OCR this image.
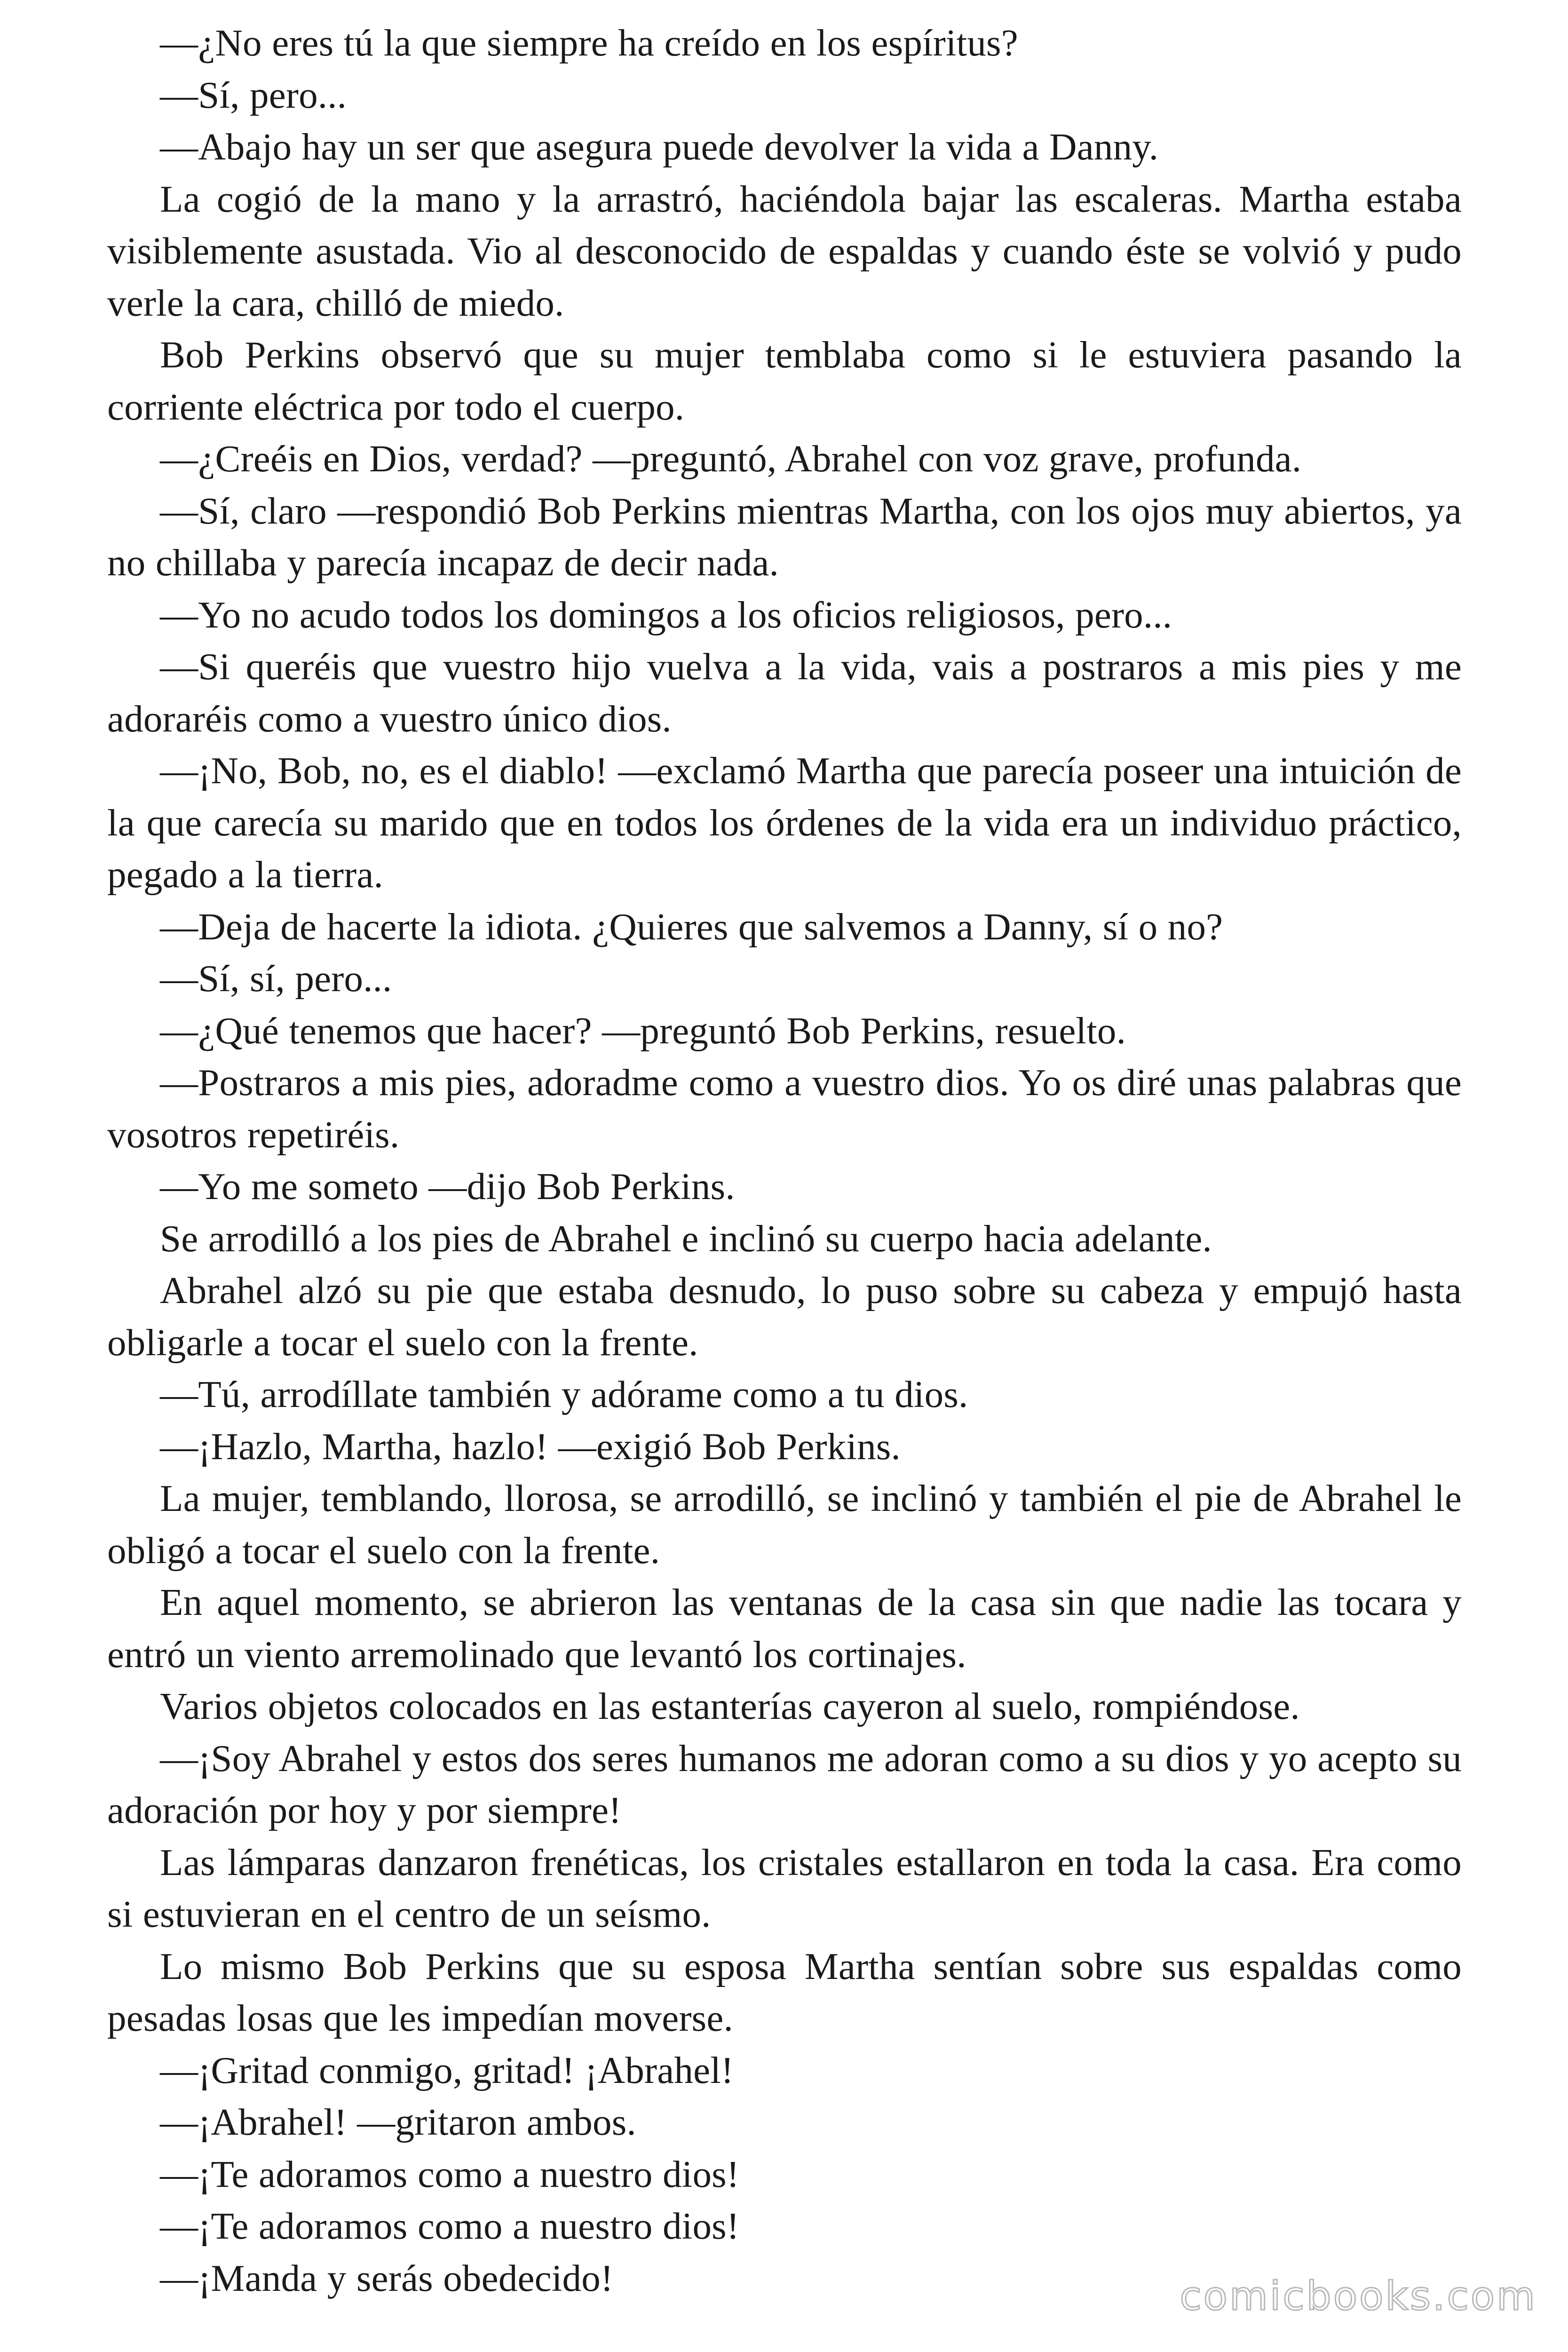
—¿No eres tú la que siempre ha creído en los espíritus?

—Sí, pero...

—Abajo hay un ser que asegura puede devolver la vida a Danny.

La cogió de la mano y la arrastró, haciéndola bajar las escaleras. Martha estaba visiblemente asustada. Vio al desconocido de espaldas y cuando éste se volvió y pudo verle la cara, chilló de miedo.

Bob Perkins observó que su mujer temblaba como si le estuviera pasando la corriente eléctrica por todo el cuerpo.

—¿Creéis en Dios, verdad? —preguntó, Abrahel con voz grave, profunda.

—Sí, claro —respondió Bob Perkins mientras Martha, con los ojos muy abiertos, ya no chillaba y parecía incapaz de decir nada.

—Yo no acudo todos los domingos a los oficios religiosos, pero...

—Si queréis que vuestro hijo vuelva a la vida, vais a postraros a mis pies y me adoraréis como a vuestro único dios.

—¡No, Bob, no, es el diablo! —exclamó Martha que parecía poseer una intuición de la que carecía su marido que en todos los órdenes de la vida era un individuo práctico, pegado a la tierra.

—Deja de hacerte la idiota. ¿Quieres que salvemos a Danny, sí o no?

—Sí, sí, pero...

—¿Qué tenemos que hacer? —preguntó Bob Perkins, resuelto.

—Postraros a mis pies, adoradme como a vuestro dios. Yo os diré unas palabras que vosotros repetiréis.

—Yo me someto —dijo Bob Perkins.

Se arrodilló a los pies de Abrahel e inclinó su cuerpo hacia adelante.

Abrahel alzó su pie que estaba desnudo, lo puso sobre su cabeza y empujó hasta obligarle a tocar el suelo con la frente.

—Tú, arrodíllate también y adórame como a tu dios.

—¡Hazlo, Martha, hazlo! —exigió Bob Perkins.

La mujer, temblando, llorosa, se arrodilló, se inclinó y también el pie de Abrahel le obligó a tocar el suelo con la frente.

En aquel momento, se abrieron las ventanas de la casa sin que nadie las tocara y entró un viento arremolinado que levantó los cortinajes.

Varios objetos colocados en las estanterías cayeron al suelo, rompiéndose.

—¡Soy Abrahel y estos dos seres humanos me adoran como a su dios y yo acepto su adoración por hoy y por siempre!

Las lámparas danzaron frenéticas, los cristales estallaron en toda la casa. Era como si estuvieran en el centro de un seísmo.

Lo mismo Bob Perkins que su esposa Martha sentían sobre sus espaldas como pesadas losas que les impedían moverse.

—¡Gritad conmigo, gritad! ¡Abrahel!

—¡Abrahel! —gritaron ambos.

—¡Te adoramos como a nuestro dios!

—¡Te adoramos como a nuestro dios!

—¡Manda y serás obedecido!	comicbooks.com
